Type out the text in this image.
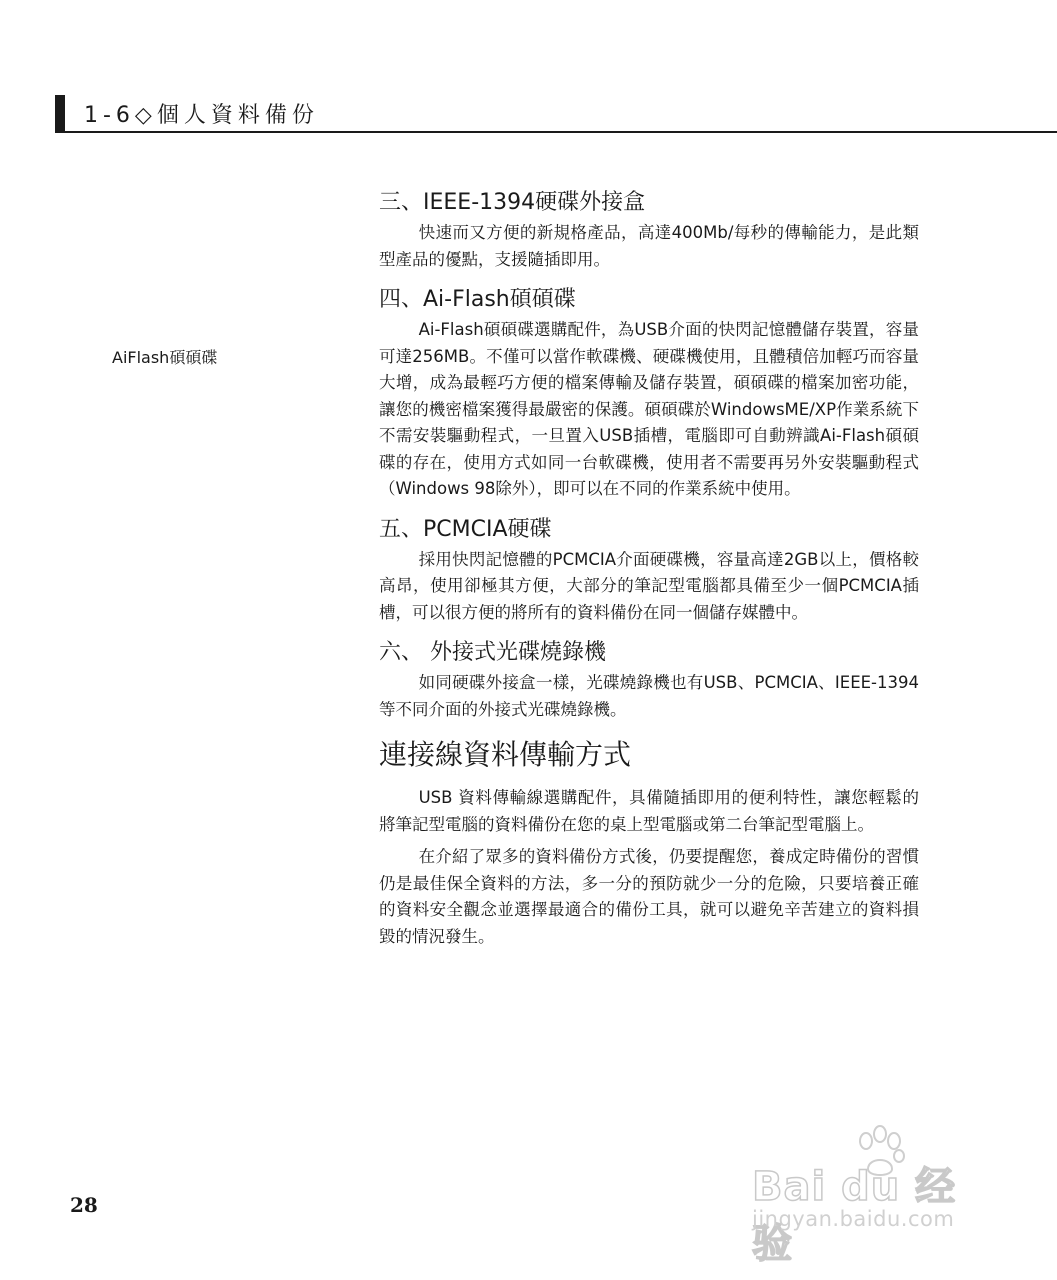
1-6◇個人資料備份
AiFlash碩碩碟
三、IEEE-1394硬碟外接盒

快速而又方便的新規格產品，高達400Mb/每秒的傳輸能力，是此類型產品的優點，支援隨插即用。

四、Ai-Flash碩碩碟

Ai-Flash碩碩碟選購配件，為USB介面的快閃記憶體儲存裝置，容量可達256MB。不僅可以當作軟碟機、硬碟機使用，且體積倍加輕巧而容量大增，成為最輕巧方便的檔案傳輸及儲存裝置，碩碩碟的檔案加密功能，讓您的機密檔案獲得最嚴密的保護。碩碩碟於WindowsME/XP作業系統下不需安裝驅動程式，一旦置入USB插槽，電腦即可自動辨識Ai-Flash碩碩碟的存在，使用方式如同一台軟碟機，使用者不需要再另外安裝驅動程式（Windows 98除外），即可以在不同的作業系統中使用。

五、PCMCIA硬碟

採用快閃記憶體的PCMCIA介面硬碟機，容量高達2GB以上，價格較高昂，使用卻極其方便，大部分的筆記型電腦都具備至少一個PCMCIA插槽，可以很方便的將所有的資料備份在同一個儲存媒體中。

六、 外接式光碟燒錄機

如同硬碟外接盒一樣，光碟燒錄機也有USB、PCMCIA、IEEE-1394等不同介面的外接式光碟燒錄機。

連接線資料傳輸方式

USB 資料傳輸線選購配件，具備隨插即用的便利特性，讓您輕鬆的將筆記型電腦的資料備份在您的桌上型電腦或第二台筆記型電腦上。

在介紹了眾多的資料備份方式後，仍要提醒您，養成定時備份的習慣仍是最佳保全資料的方法，多一分的預防就少一分的危險，只要培養正確的資料安全觀念並選擇最適合的備份工具，就可以避免辛苦建立的資料損毀的情況發生。

28	Bai du 经验
jingyan.baidu.com
